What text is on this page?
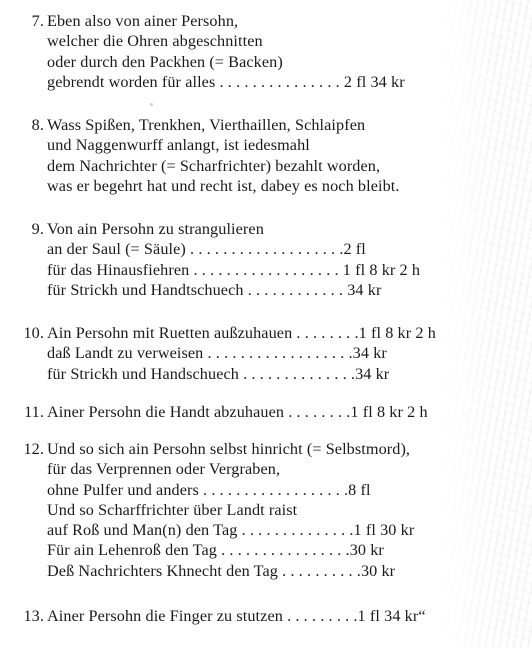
7. Eben also von ainer Persohn,
welcher die Ohren abgeschnitten
oder durch den Packhen (= Backen)
gebrendt worden für alles . . . . . . . . . . . . . . . 2 fl 34 kr
8. Wass Spißen, Trenkhen, Vierthaillen, Schlaipfen
und Naggenwurff anlangt, ist iedesmahl
dem Nachrichter (= Scharfrichter) bezahlt worden,
was er begehrt hat und recht ist, dabey es noch bleibt.
9. Von ain Persohn zu strangulieren
an der Saul (= Säule) . . . . . . . . . . . . . . . . . . .2 fl
für das Hinausfiehren . . . . . . . . . . . . . . . . . . 1 fl 8 kr 2 h
für Strickh und Handtschuech . . . . . . . . . . . . 34 kr
10. Ain Persohn mit Ruetten außzuhauen . . . . . . . .1 fl 8 kr 2 h
daß Landt zu verweisen . . . . . . . . . . . . . . . . . .34 kr
für Strickh und Handschuech . . . . . . . . . . . . . .34 kr
11. Ainer Persohn die Handt abzuhauen . . . . . . . .1 fl 8 kr 2 h
12. Und so sich ain Persohn selbst hinricht (= Selbstmord),
für das Verprennen oder Vergraben,
ohne Pulfer und anders . . . . . . . . . . . . . . . . . .8 fl
Und so Scharffrichter über Landt raist
auf Roß und Man(n) den Tag . . . . . . . . . . . . . .1 fl 30 kr
Für ain Lehenroß den Tag . . . . . . . . . . . . . . . .30 kr
Deß Nachrichters Khnecht den Tag . . . . . . . . . .30 kr
13. Ainer Persohn die Finger zu stutzen . . . . . . . . .1 fl 34 kr“
